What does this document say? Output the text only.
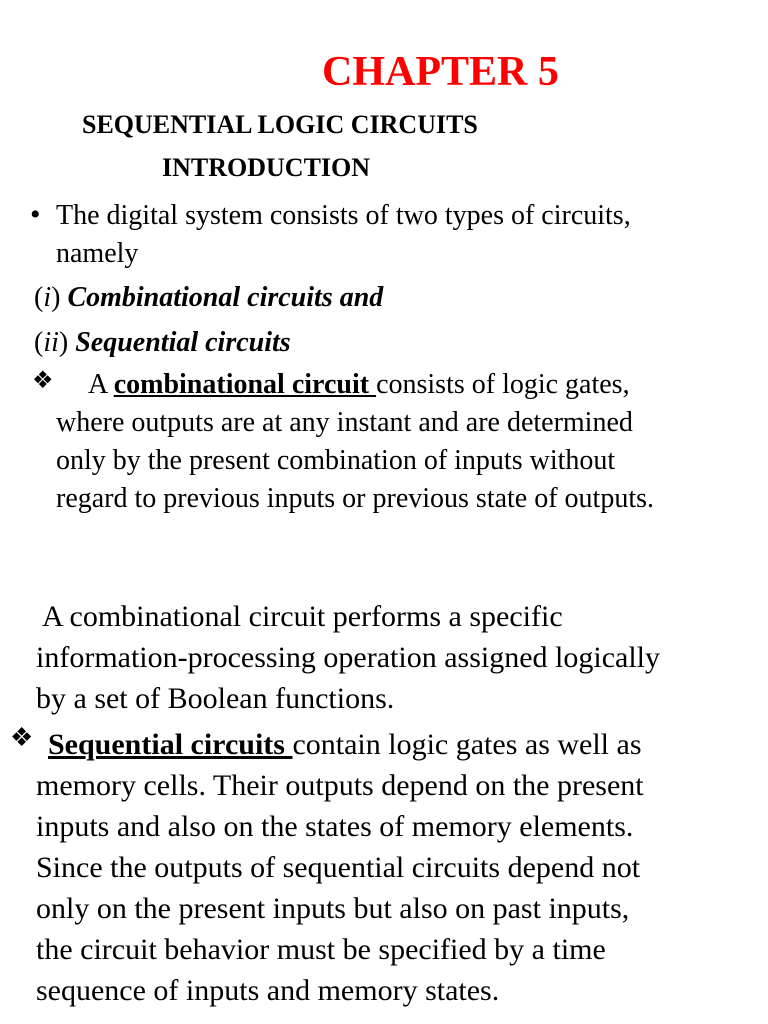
CHAPTER 5
SEQUENTIAL LOGIC CIRCUITS
INTRODUCTION
• The digital system consists of two types of circuits,
namely
(i) Combinational circuits and
(ii) Sequential circuits
❖	A combinational circuit consists of logic gates,
where outputs are at any instant and are determined
only by the present combination of inputs without
regard to previous inputs or previous state of outputs.
A combinational circuit performs a specific
information-processing operation assigned logically
by a set of Boolean functions.
❖ Sequential circuits contain logic gates as well as
memory cells. Their outputs depend on the present
inputs and also on the states of memory elements.
Since the outputs of sequential circuits depend not
only on the present inputs but also on past inputs,
the circuit behavior must be specified by a time
sequence of inputs and memory states.
